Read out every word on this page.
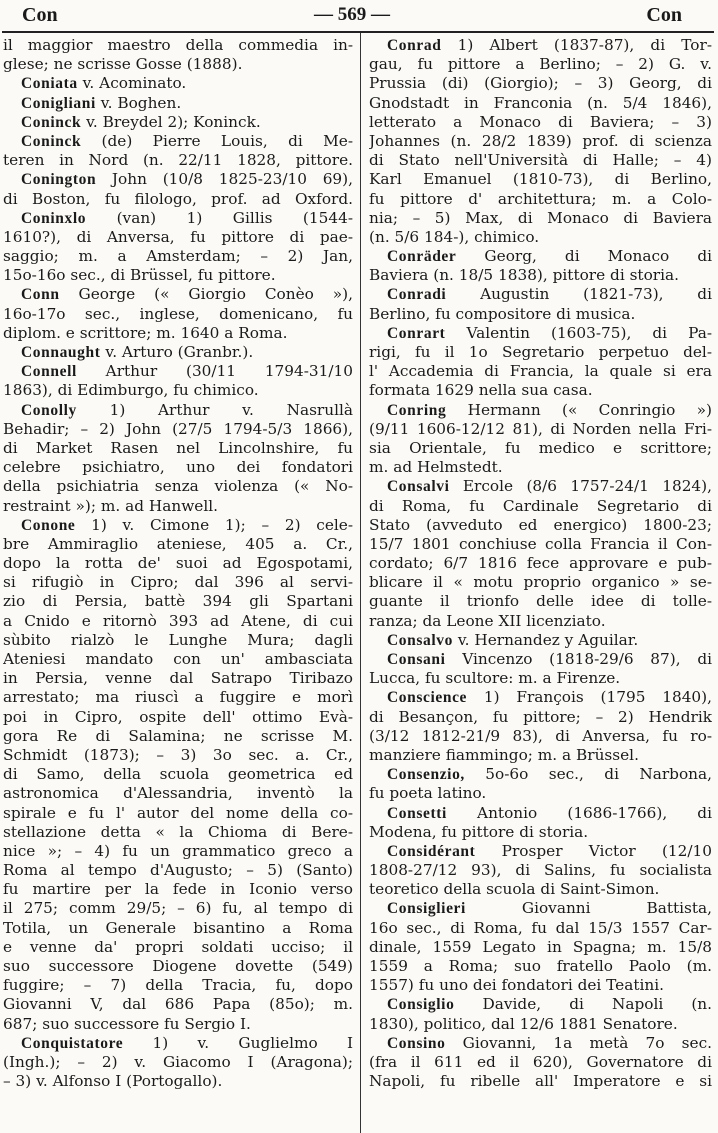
Con	— 569 —	Con
il maggior maestro della commedia in-
glese; ne scrisse Gosse (1888).
Coniata v. Acominato.
Conigliani v. Boghen.
Coninck v. Breydel 2); Koninck.
Coninck (de) Pierre Louis, di Me-
teren in Nord (n. 22/11 1828, pittore.
Conington John (10/8 1825-23/10 69),
di Boston, fu filologo, prof. ad Oxford.
Coninxlo (van) 1) Gillis (1544-
1610?), di Anversa, fu pittore di pae-
saggio; m. a Amsterdam; – 2) Jan,
15o-16o sec., di Brüssel, fu pittore.
Conn George (« Giorgio Conèo »),
16o-17o sec., inglese, domenicano, fu
diplom. e scrittore; m. 1640 a Roma.
Connaught v. Arturo (Granbr.).
Connell Arthur (30/11 1794-31/10
1863), di Edimburgo, fu chimico.
Conolly 1) Arthur v. Nasrullà
Behadir; – 2) John (27/5 1794-5/3 1866),
di Market Rasen nel Lincolnshire, fu
celebre psichiatro, uno dei fondatori
della psichiatria senza violenza (« No-
restraint »); m. ad Hanwell.
Conone 1) v. Cimone 1); – 2) cele-
bre Ammiraglio ateniese, 405 a. Cr.,
dopo la rotta de' suoi ad Egospotami,
si rifugiò in Cipro; dal 396 al servi-
zio di Persia, battè 394 gli Spartani
a Cnido e ritornò 393 ad Atene, di cui
sùbito rialzò le Lunghe Mura; dagli
Ateniesi mandato con un' ambasciata
in Persia, venne dal Satrapo Tiribazo
arrestato; ma riuscì a fuggire e morì
poi in Cipro, ospite dell' ottimo Evà-
gora Re di Salamina; ne scrisse M.
Schmidt (1873); – 3) 3o sec. a. Cr.,
di Samo, della scuola geometrica ed
astronomica d'Alessandria, inventò la
spirale e fu l' autor del nome della co-
stellazione detta « la Chioma di Bere-
nice »; – 4) fu un grammatico greco a
Roma al tempo d'Augusto; – 5) (Santo)
fu martire per la fede in Iconio verso
il 275; comm 29/5; – 6) fu, al tempo di
Totila, un Generale bisantino a Roma
e venne da' propri soldati ucciso; il
suo successore Diogene dovette (549)
fuggire; – 7) della Tracia, fu, dopo
Giovanni V, dal 686 Papa (85o); m.
687; suo successore fu Sergio I.
Conquistatore 1) v. Guglielmo I
(Ingh.); – 2) v. Giacomo I (Aragona);
– 3) v. Alfonso I (Portogallo).
Conrad 1) Albert (1837-87), di Tor-
gau, fu pittore a Berlino; – 2) G. v.
Prussia (di) (Giorgio); – 3) Georg, di
Gnodstadt in Franconia (n. 5/4 1846),
letterato a Monaco di Baviera; – 3)
Johannes (n. 28/2 1839) prof. di scienza
di Stato nell'Università di Halle; – 4)
Karl Emanuel (1810-73), di Berlino,
fu pittore d' architettura; m. a Colo-
nia; – 5) Max, di Monaco di Baviera
(n. 5/6 184-), chimico.
Conräder Georg, di Monaco di
Baviera (n. 18/5 1838), pittore di storia.
Conradi Augustin (1821-73), di
Berlino, fu compositore di musica.
Conrart Valentin (1603-75), di Pa-
rigi, fu il 1o Segretario perpetuo del-
l' Accademia di Francia, la quale si era
formata 1629 nella sua casa.
Conring Hermann (« Conringio »)
(9/11 1606-12/12 81), di Norden nella Fri-
sia Orientale, fu medico e scrittore;
m. ad Helmstedt.
Consalvi Ercole (8/6 1757-24/1 1824),
di Roma, fu Cardinale Segretario di
Stato (avveduto ed energico) 1800-23;
15/7 1801 conchiuse colla Francia il Con-
cordato; 6/7 1816 fece approvare e pub-
blicare il « motu proprio organico » se-
guante il trionfo delle idee di tolle-
ranza; da Leone XII licenziato.
Consalvo v. Hernandez y Aguilar.
Consani Vincenzo (1818-29/6 87), di
Lucca, fu scultore: m. a Firenze.
Conscience 1) François (1795 1840),
di Besançon, fu pittore; – 2) Hendrik
(3/12 1812-21/9 83), di Anversa, fu ro-
manziere fiammingo; m. a Brüssel.
Consenzio, 5o-6o sec., di Narbona,
fu poeta latino.
Consetti Antonio (1686-1766), di
Modena, fu pittore di storia.
Considérant Prosper Victor (12/10
1808-27/12 93), di Salins, fu socialista
teoretico della scuola di Saint-Simon.
Consiglieri Giovanni Battista,
16o sec., di Roma, fu dal 15/3 1557 Car-
dinale, 1559 Legato in Spagna; m. 15/8
1559 a Roma; suo fratello Paolo (m.
1557) fu uno dei fondatori dei Teatini.
Consiglio Davide, di Napoli (n.
1830), politico, dal 12/6 1881 Senatore.
Consino Giovanni, 1a metà 7o sec.
(fra il 611 ed il 620), Governatore di
Napoli, fu ribelle all' Imperatore e si
